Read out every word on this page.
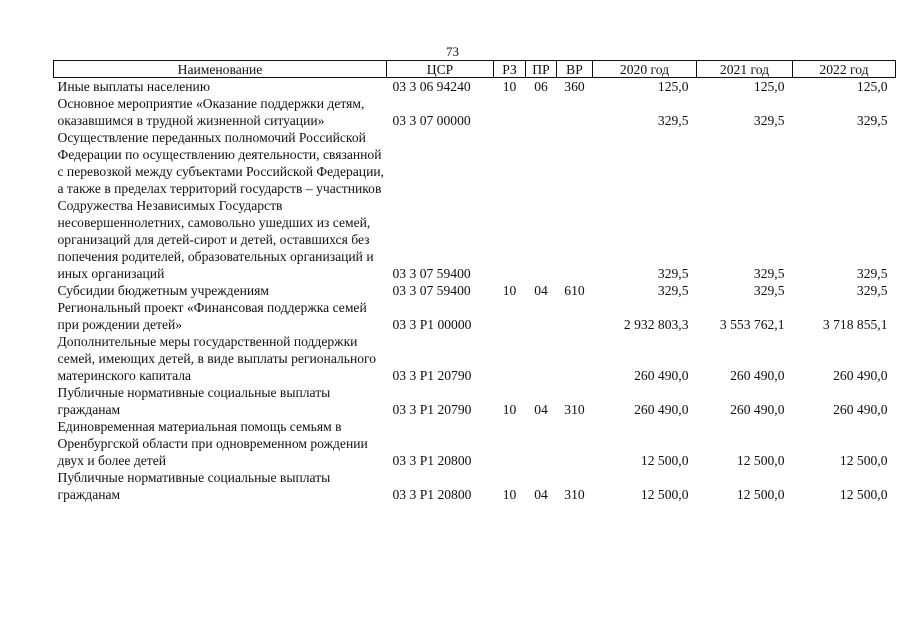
73
Наименование	ЦСР	РЗ	ПР	ВР	2020 год	2021 год	2022 год
Иные выплаты населению	03 3 06 94240	10	06	360	125,0	125,0	125,0
Основное мероприятие «Оказание поддержки детям, оказавшимся в трудной жизненной ситуации»	03 3 07 00000				329,5	329,5	329,5
Осуществление переданных полномочий Российской Федерации по осуществлению деятельности, связанной с перевозкой между субъектами Российской Федерации, а также в пределах территорий государств – участников Содружества Независимых Государств несовершеннолетних, самовольно ушедших из семей, организаций для детей-сирот и детей, оставшихся без попечения родителей, образовательных организаций и иных организаций	03 3 07 59400				329,5	329,5	329,5
Субсидии бюджетным учреждениям	03 3 07 59400	10	04	610	329,5	329,5	329,5
Региональный проект «Финансовая поддержка семей при рождении детей»	03 3 P1 00000				2 932 803,3	3 553 762,1	3 718 855,1
Дополнительные меры государственной поддержки семей, имеющих детей, в виде выплаты регионального материнского капитала	03 3 P1 20790				260 490,0	260 490,0	260 490,0
Публичные нормативные социальные выплаты гражданам	03 3 P1 20790	10	04	310	260 490,0	260 490,0	260 490,0
Единовременная материальная помощь семьям в Оренбургской области при одновременном рождении двух и более детей	03 3 P1 20800				12 500,0	12 500,0	12 500,0
Публичные нормативные социальные выплаты гражданам	03 3 P1 20800	10	04	310	12 500,0	12 500,0	12 500,0
